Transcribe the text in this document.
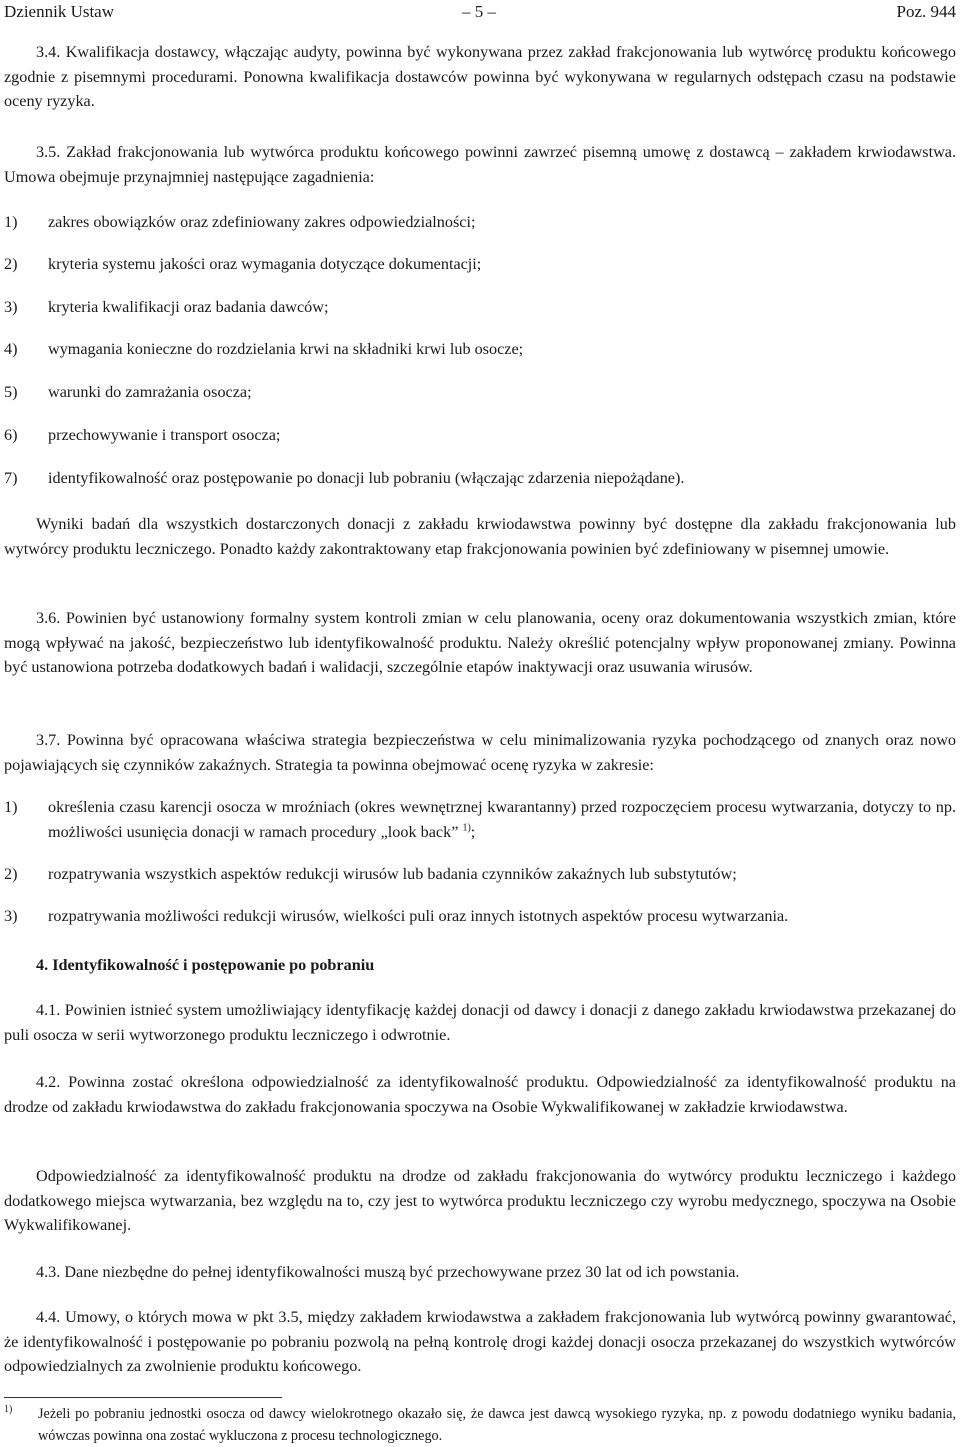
Dziennik Ustaw	– 5 –	Poz. 944
3.4. Kwalifikacja dostawcy, włączając audyty, powinna być wykonywana przez zakład frakcjonowania lub wytwórcę produktu końcowego zgodnie z pisemnymi procedurami. Ponowna kwalifikacja dostawców powinna być wykonywana w regularnych odstępach czasu na podstawie oceny ryzyka.
3.5. Zakład frakcjonowania lub wytwórca produktu końcowego powinni zawrzeć pisemną umowę z dostawcą – zakładem krwiodawstwa. Umowa obejmuje przynajmniej następujące zagadnienia:
1) zakres obowiązków oraz zdefiniowany zakres odpowiedzialności;
2) kryteria systemu jakości oraz wymagania dotyczące dokumentacji;
3) kryteria kwalifikacji oraz badania dawców;
4) wymagania konieczne do rozdzielania krwi na składniki krwi lub osocze;
5) warunki do zamrażania osocza;
6) przechowywanie i transport osocza;
7) identyfikowalność oraz postępowanie po donacji lub pobraniu (włączając zdarzenia niepożądane).
Wyniki badań dla wszystkich dostarczonych donacji z zakładu krwiodawstwa powinny być dostępne dla zakładu frakcjonowania lub wytwórcy produktu leczniczego. Ponadto każdy zakontraktowany etap frakcjonowania powinien być zdefiniowany w pisemnej umowie.
3.6. Powinien być ustanowiony formalny system kontroli zmian w celu planowania, oceny oraz dokumentowania wszystkich zmian, które mogą wpływać na jakość, bezpieczeństwo lub identyfikowalność produktu. Należy określić potencjalny wpływ proponowanej zmiany. Powinna być ustanowiona potrzeba dodatkowych badań i walidacji, szczególnie etapów inaktywacji oraz usuwania wirusów.
3.7. Powinna być opracowana właściwa strategia bezpieczeństwa w celu minimalizowania ryzyka pochodzącego od znanych oraz nowo pojawiających się czynników zakaźnych. Strategia ta powinna obejmować ocenę ryzyka w zakresie:
1) określenia czasu karencji osocza w mroźniach (okres wewnętrznej kwarantanny) przed rozpoczęciem procesu wytwarzania, dotyczy to np. możliwości usunięcia donacji w ramach procedury „look back” $^{1)}$;
2) rozpatrywania wszystkich aspektów redukcji wirusów lub badania czynników zakaźnych lub substytutów;
3) rozpatrywania możliwości redukcji wirusów, wielkości puli oraz innych istotnych aspektów procesu wytwarzania.
4. Identyfikowalność i postępowanie po pobraniu
4.1. Powinien istnieć system umożliwiający identyfikację każdej donacji od dawcy i donacji z danego zakładu krwiodawstwa przekazanej do puli osocza w serii wytworzonego produktu leczniczego i odwrotnie.
4.2. Powinna zostać określona odpowiedzialność za identyfikowalność produktu. Odpowiedzialność za identyfikowalność produktu na drodze od zakładu krwiodawstwa do zakładu frakcjonowania spoczywa na Osobie Wykwalifikowanej w zakładzie krwiodawstwa.
Odpowiedzialność za identyfikowalność produktu na drodze od zakładu frakcjonowania do wytwórcy produktu leczniczego i każdego dodatkowego miejsca wytwarzania, bez względu na to, czy jest to wytwórca produktu leczniczego czy wyrobu medycznego, spoczywa na Osobie Wykwalifikowanej.
4.3. Dane niezbędne do pełnej identyfikowalności muszą być przechowywane przez 30 lat od ich powstania.
4.4. Umowy, o których mowa w pkt 3.5, między zakładem krwiodawstwa a zakładem frakcjonowania lub wytwórcą powinny gwarantować, że identyfikowalność i postępowanie po pobraniu pozwolą na pełną kontrolę drogi każdej donacji osocza przekazanej do wszystkich wytwórców odpowiedzialnych za zwolnienie produktu końcowego.
1) Jeżeli po pobraniu jednostki osocza od dawcy wielokrotnego okazało się, że dawca jest dawcą wysokiego ryzyka, np. z powodu dodatniego wyniku badania, wówczas powinna ona zostać wykluczona z procesu technologicznego.
